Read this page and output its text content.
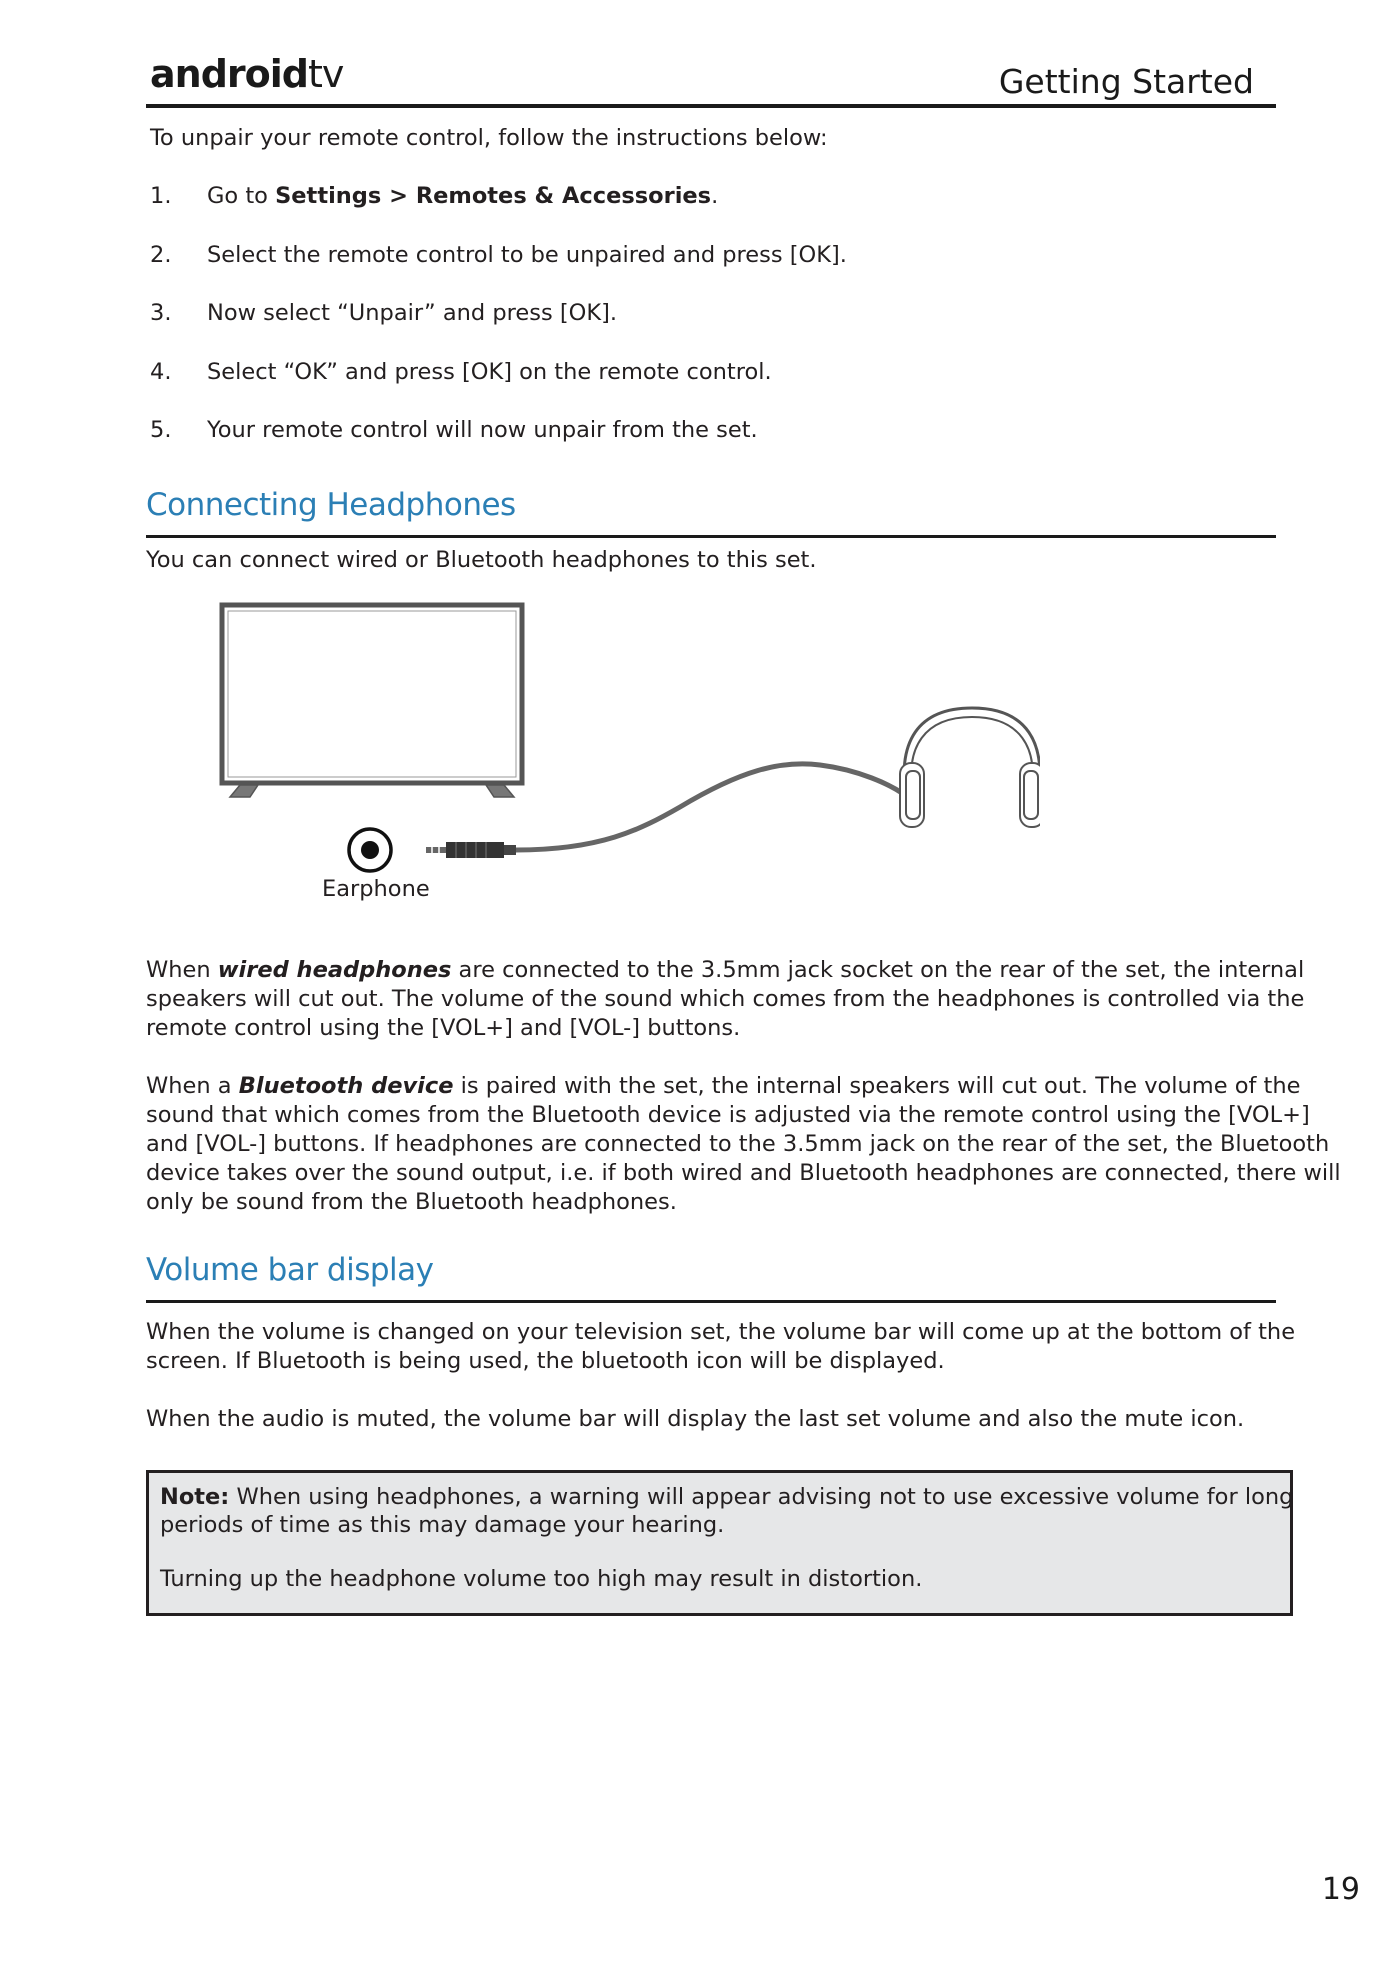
androidtv	Getting Started
To unpair your remote control, follow the instructions below:
1.	Go to Settings > Remotes & Accessories.
2.	Select the remote control to be unpaired and press [OK].
3.	Now select “Unpair” and press [OK].
4.	Select “OK” and press [OK] on the remote control.
5.	Your remote control will now unpair from the set.
Connecting Headphones
You can connect wired or Bluetooth headphones to this set.
Earphone
When wired headphones are connected to the 3.5mm jack socket on the rear of the set, the internal
speakers will cut out. The volume of the sound which comes from the headphones is controlled via the
remote control using the [VOL+] and [VOL-] buttons.
When a Bluetooth device is paired with the set, the internal speakers will cut out. The volume of the
sound that which comes from the Bluetooth device is adjusted via the remote control using the [VOL+]
and [VOL-] buttons. If headphones are connected to the 3.5mm jack on the rear of the set, the Bluetooth
device takes over the sound output, i.e. if both wired and Bluetooth headphones are connected, there will
only be sound from the Bluetooth headphones.
Volume bar display
When the volume is changed on your television set, the volume bar will come up at the bottom of the
screen. If Bluetooth is being used, the bluetooth icon will be displayed.
When the audio is muted, the volume bar will display the last set volume and also the mute icon.
Note: When using headphones, a warning will appear advising not to use excessive volume for long
periods of time as this may damage your hearing.
Turning up the headphone volume too high may result in distortion.
19
